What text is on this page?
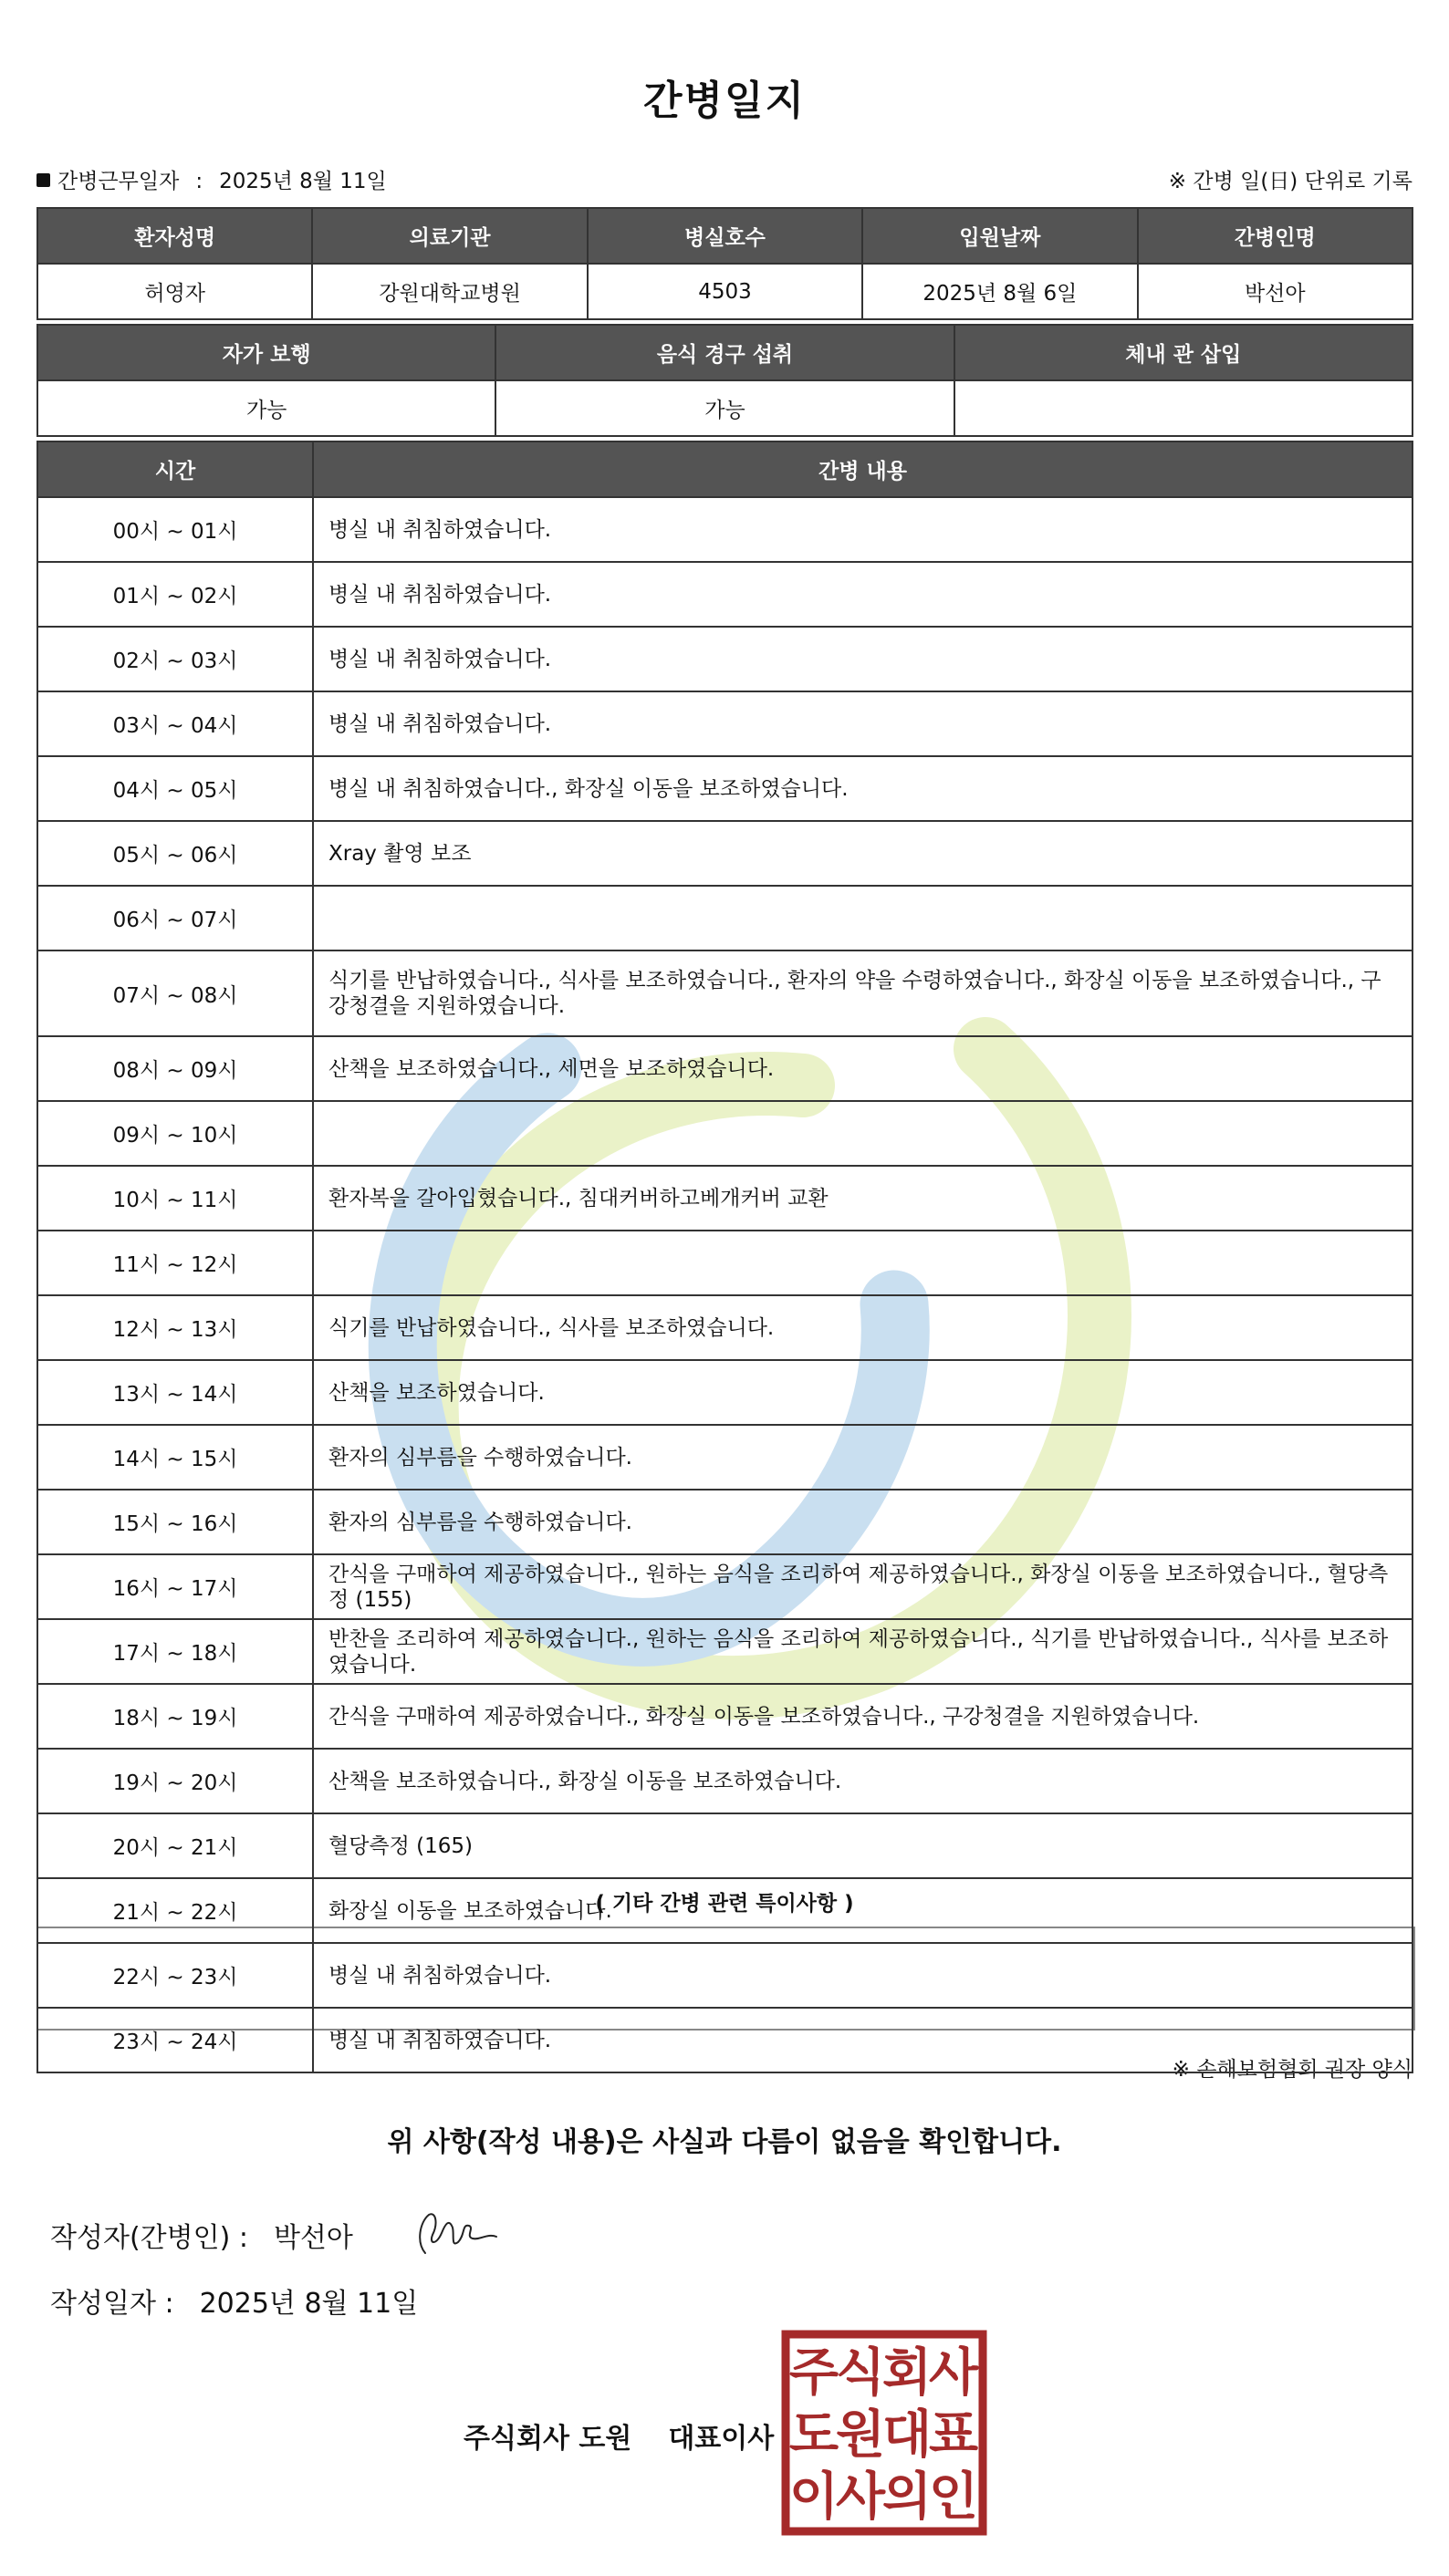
간병일지
간병근무일자 : 2025년 8월 11일	※ 간병 일(日) 단위로 기록
환자성명	의료기관	병실호수	입원날짜	간병인명
허영자	강원대학교병원	4503	2025년 8월 6일	박선아
자가 보행	음식 경구 섭취	체내 관 삽입
가능	가능	
시간	간병 내용
00시 ~ 01시	병실 내 취침하였습니다.
01시 ~ 02시	병실 내 취침하였습니다.
02시 ~ 03시	병실 내 취침하였습니다.
03시 ~ 04시	병실 내 취침하였습니다.
04시 ~ 05시	병실 내 취침하였습니다., 화장실 이동을 보조하였습니다.
05시 ~ 06시	Xray 촬영 보조
06시 ~ 07시	
07시 ~ 08시	식기를 반납하였습니다., 식사를 보조하였습니다., 환자의 약을 수령하였습니다., 화장실 이동을 보조하였습니다., 구강청결을 지원하였습니다.
08시 ~ 09시	산책을 보조하였습니다., 세면을 보조하였습니다.
09시 ~ 10시	
10시 ~ 11시	환자복을 갈아입혔습니다., 침대커버하고베개커버 교환
11시 ~ 12시	
12시 ~ 13시	식기를 반납하였습니다., 식사를 보조하였습니다.
13시 ~ 14시	산책을 보조하였습니다.
14시 ~ 15시	환자의 심부름을 수행하였습니다.
15시 ~ 16시	환자의 심부름을 수행하였습니다.
16시 ~ 17시	간식을 구매하여 제공하였습니다., 원하는 음식을 조리하여 제공하였습니다., 화장실 이동을 보조하였습니다., 혈당측정 (155)
17시 ~ 18시	반찬을 조리하여 제공하였습니다., 원하는 음식을 조리하여 제공하였습니다., 식기를 반납하였습니다., 식사를 보조하였습니다.
18시 ~ 19시	간식을 구매하여 제공하였습니다., 화장실 이동을 보조하였습니다., 구강청결을 지원하였습니다.
19시 ~ 20시	산책을 보조하였습니다., 화장실 이동을 보조하였습니다.
20시 ~ 21시	혈당측정 (165)
21시 ~ 22시	화장실 이동을 보조하였습니다.
22시 ~ 23시	병실 내 취침하였습니다.
23시 ~ 24시	병실 내 취침하였습니다.
( 기타 간병 관련 특이사항 )
※ 손해보험협회 권장 양식
위 사항(작성 내용)은 사실과 다름이 없음을 확인합니다.
작성자(간병인) : 박선아
작성일자 : 2025년 8월 11일
주식회사 도원 대표이사
주
식
회
사
도
원
대
표
이
사
의
인
